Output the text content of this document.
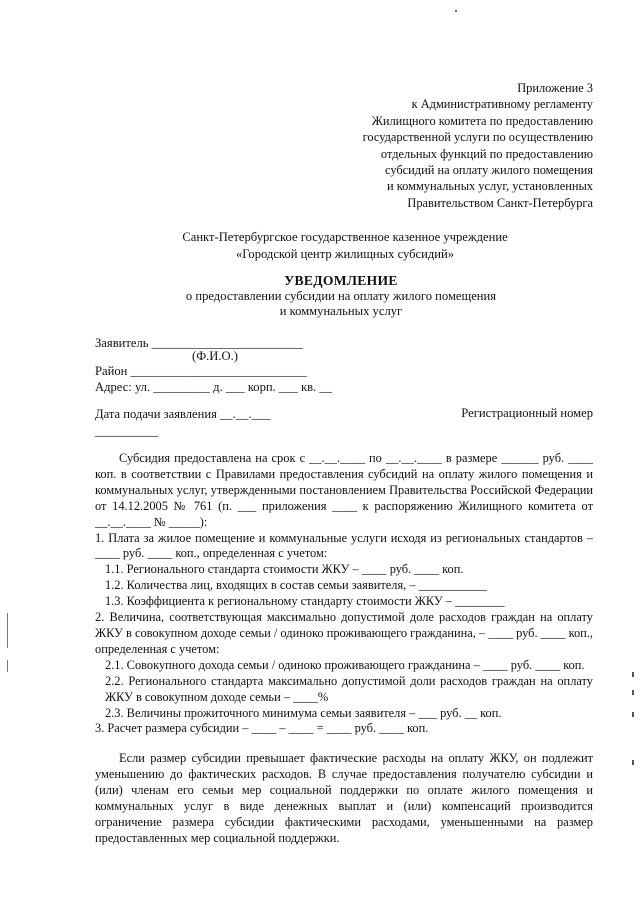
Приложение 3
к Административному регламенту
Жилищного комитета по предоставлению
государственной услуги по осуществлению
отдельных функций по предоставлению
субсидий на оплату жилого помещения
и коммунальных услуг, установленных
Правительством Санкт-Петербурга
Санкт-Петербургское государственное казенное учреждение
«Городской центр жилищных субсидий»
УВЕДОМЛЕНИЕ
о предоставлении субсидии на оплату жилого помещения
и коммунальных услуг
Заявитель ________________________
(Ф.И.О.)
Район ____________________________
Адрес: ул. _________ д. ___ корп. ___ кв. __
Дата подачи заявления __.__.___	Регистрационный номер
__________

Субсидия предоставлена на срок с __.__.____ по __.__.____ в размере ______ руб. ____ коп. в соответствии с Правилами предоставления субсидий на оплату жилого помещения и коммунальных услуг, утвержденными постановлением Правительства Российской Федерации от 14.12.2005 № 761 (п. ___ приложения ____ к распоряжению Жилищного комитета от __.__.____ № _____):

1. Плата за жилое помещение и коммунальные услуги исходя из региональных стандартов – ____ руб. ____ коп., определенная с учетом:

1.1. Регионального стандарта стоимости ЖКУ – ____ руб. ____ коп.

1.2. Количества лиц, входящих в состав семьи заявителя, – ___________

1.3. Коэффициента к региональному стандарту стоимости ЖКУ – ________

2. Величина, соответствующая максимально допустимой доле расходов граждан на оплату ЖКУ в совокупном доходе семьи / одиноко проживающего гражданина, – ____ руб. ____ коп., определенная с учетом:

2.1. Совокупного дохода семьи / одиноко проживающего гражданина – ____ руб. ____ коп.

2.2. Регионального стандарта максимально допустимой доли расходов граждан на оплату ЖКУ в совокупном доходе семьи – ____%

2.3. Величины прожиточного минимума семьи заявителя – ___ руб. __ коп.

3. Расчет размера субсидии – ____ – ____ = ____ руб. ____ коп.

Если размер субсидии превышает фактические расходы на оплату ЖКУ, он подлежит уменьшению до фактических расходов. В случае предоставления получателю субсидии и (или) членам его семьи мер социальной поддержки по оплате жилого помещения и коммунальных услуг в виде денежных выплат и (или) компенсаций производится ограничение размера субсидии фактическими расходами, уменьшенными на размер предоставленных мер социальной поддержки.
